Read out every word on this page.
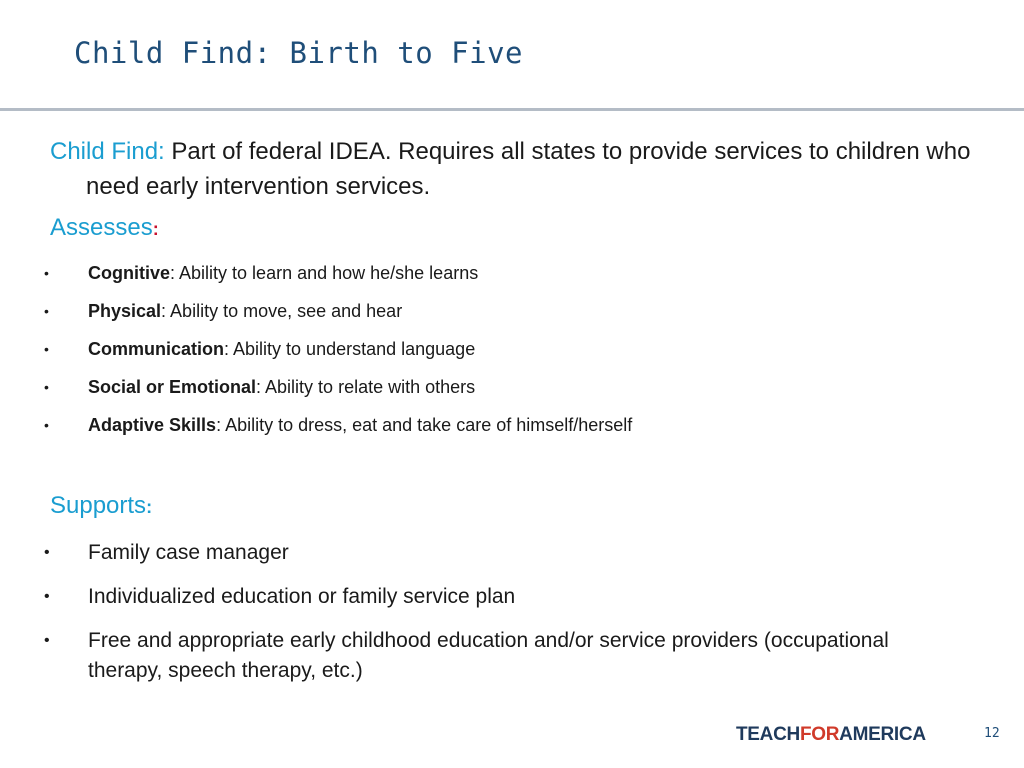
Child Find: Birth to Five

Child Find: Part of federal IDEA. Requires all states to provide services to children who need early intervention services.

Assesses:
• Cognitive: Ability to learn and how he/she learns
• Physical: Ability to move, see and hear
• Communication: Ability to understand language
• Social or Emotional: Ability to relate with others
• Adaptive Skills: Ability to dress, eat and take care of himself/herself
Supports:
• Family case manager
• Individualized education or family service plan
• Free and appropriate early childhood education and/or service providers (occupational therapy, speech therapy, etc.)
TEACHFORAMERICA	12
